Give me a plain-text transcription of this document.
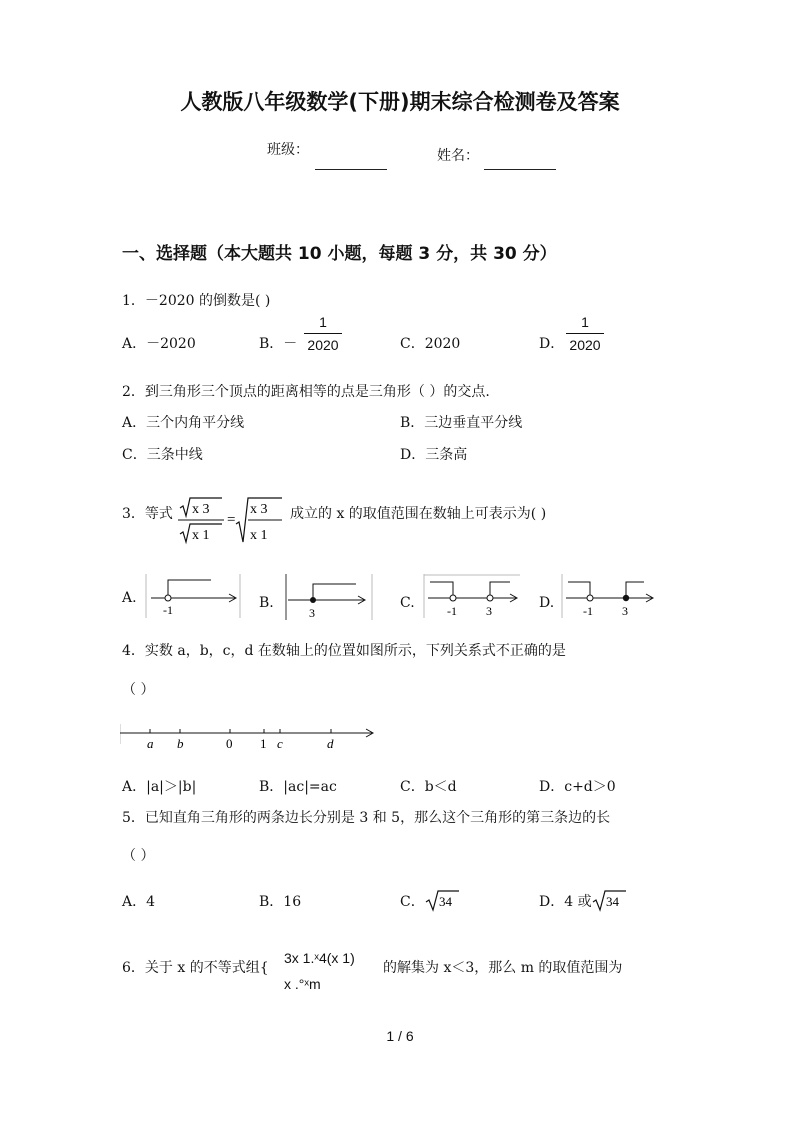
人教版八年级数学(下册)期末综合检测卷及答案
班级：	姓名：
一、选择题（本大题共 10 小题，每题 3 分，共 30 分）
1．－2020 的倒数是( )
A．－2020	B．－
1
2020	C．2020	D．
1
2020
2．到三角形三个顶点的距离相等的点是三角形（ ）的交点.
A．三个内角平分线	B．三边垂直平分线
C．三条中线	D．三条高
3．等式 x 3
x 1
=
x 3
x 1
成立的 x 的取值范围在数轴上可表示为( )
A.
-1	B.
3
C.	-1 3	D. -1 3
4．实数 a，b，c，d 在数轴上的位置如图所示，下列关系式不正确的是
（ ）
a b	0 1 c	d
A．|a|＞|b|	B．|ac|=ac	C．b＜d	D．c+d＞0
5．已知直角三角形的两条边长分别是 3 和 5，那么这个三角形的第三条边的长
（ ）
A．4	B．16	C． 34	D．4 或 34
6．关于 x 的不等式组{
3x 1.ˣ4(x 1)
x .°ˣm
的解集为 x＜3，那么 m 的取值范围为
1 / 6
